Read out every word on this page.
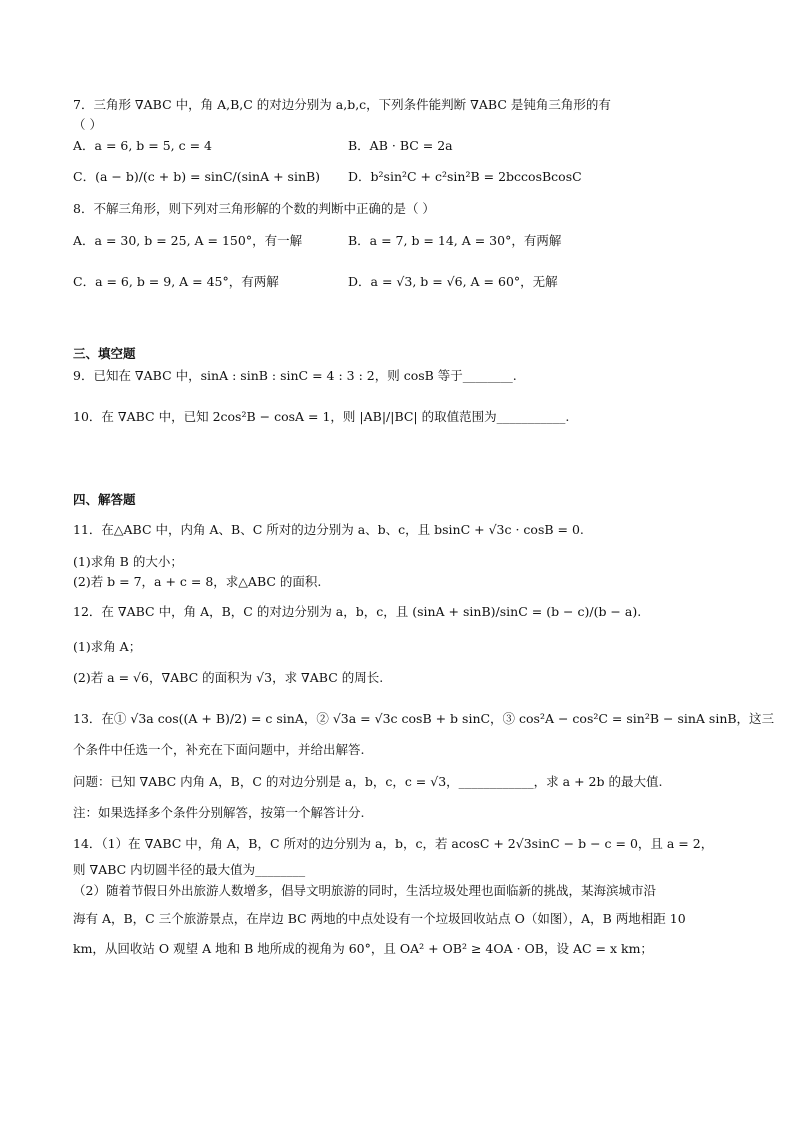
7．三角形 ∇ABC 中，角 A,B,C 的对边分别为 a,b,c，下列条件能判断 ∇ABC 是钝角三角形的有
（ ）
A．a = 6, b = 5, c = 4	B．AB · BC = 2a
C．(a − b)/(c + b) = sinC/(sinA + sinB) D．b²sin²C + c²sin²B = 2bccosBcosC
8．不解三角形，则下列对三角形解的个数的判断中正确的是（ ）
A．a = 30, b = 25, A = 150°，有一解	B．a = 7, b = 14, A = 30°，有两解
C．a = 6, b = 9, A = 45°，有两解	D．a = √3, b = √6, A = 60°，无解
三、填空题
9．已知在 ∇ABC 中，sinA : sinB : sinC = 4 : 3 : 2，则 cosB 等于________.
10．在 ∇ABC 中，已知 2cos²B − cosA = 1，则 |AB|/|BC| 的取值范围为___________.
四、解答题
11．在△ABC 中，内角 A、B、C 所对的边分别为 a、b、c，且 bsinC + √3c · cosB = 0.
(1)求角 B 的大小；
(2)若 b = 7，a + c = 8，求△ABC 的面积.
12．在 ∇ABC 中，角 A，B，C 的对边分别为 a，b，c，且 (sinA + sinB)/sinC = (b − c)/(b − a).
(1)求角 A；
(2)若 a = √6，∇ABC 的面积为 √3，求 ∇ABC 的周长.
13．在① √3a cos((A + B)/2) = c sinA，② √3a = √3c cosB + b sinC，③ cos²A − cos²C = sin²B − sinA sinB，这三
个条件中任选一个，补充在下面问题中，并给出解答.
问题：已知 ∇ABC 内角 A，B，C 的对边分别是 a，b，c，c = √3，____________，求 a + 2b 的最大值.
注：如果选择多个条件分别解答，按第一个解答计分.
14．（1）在 ∇ABC 中，角 A，B，C 所对的边分别为 a，b，c，若 acosC + 2√3sinC − b − c = 0，且 a = 2，
则 ∇ABC 内切圆半径的最大值为________
（2）随着节假日外出旅游人数增多，倡导文明旅游的同时，生活垃圾处理也面临新的挑战，某海滨城市沿
海有 A，B，C 三个旅游景点，在岸边 BC 两地的中点处设有一个垃圾回收站点 O（如图），A，B 两地相距 10
km，从回收站 O 观望 A 地和 B 地所成的视角为 60°，且 OA² + OB² ≥ 4OA · OB，设 AC = x km；
